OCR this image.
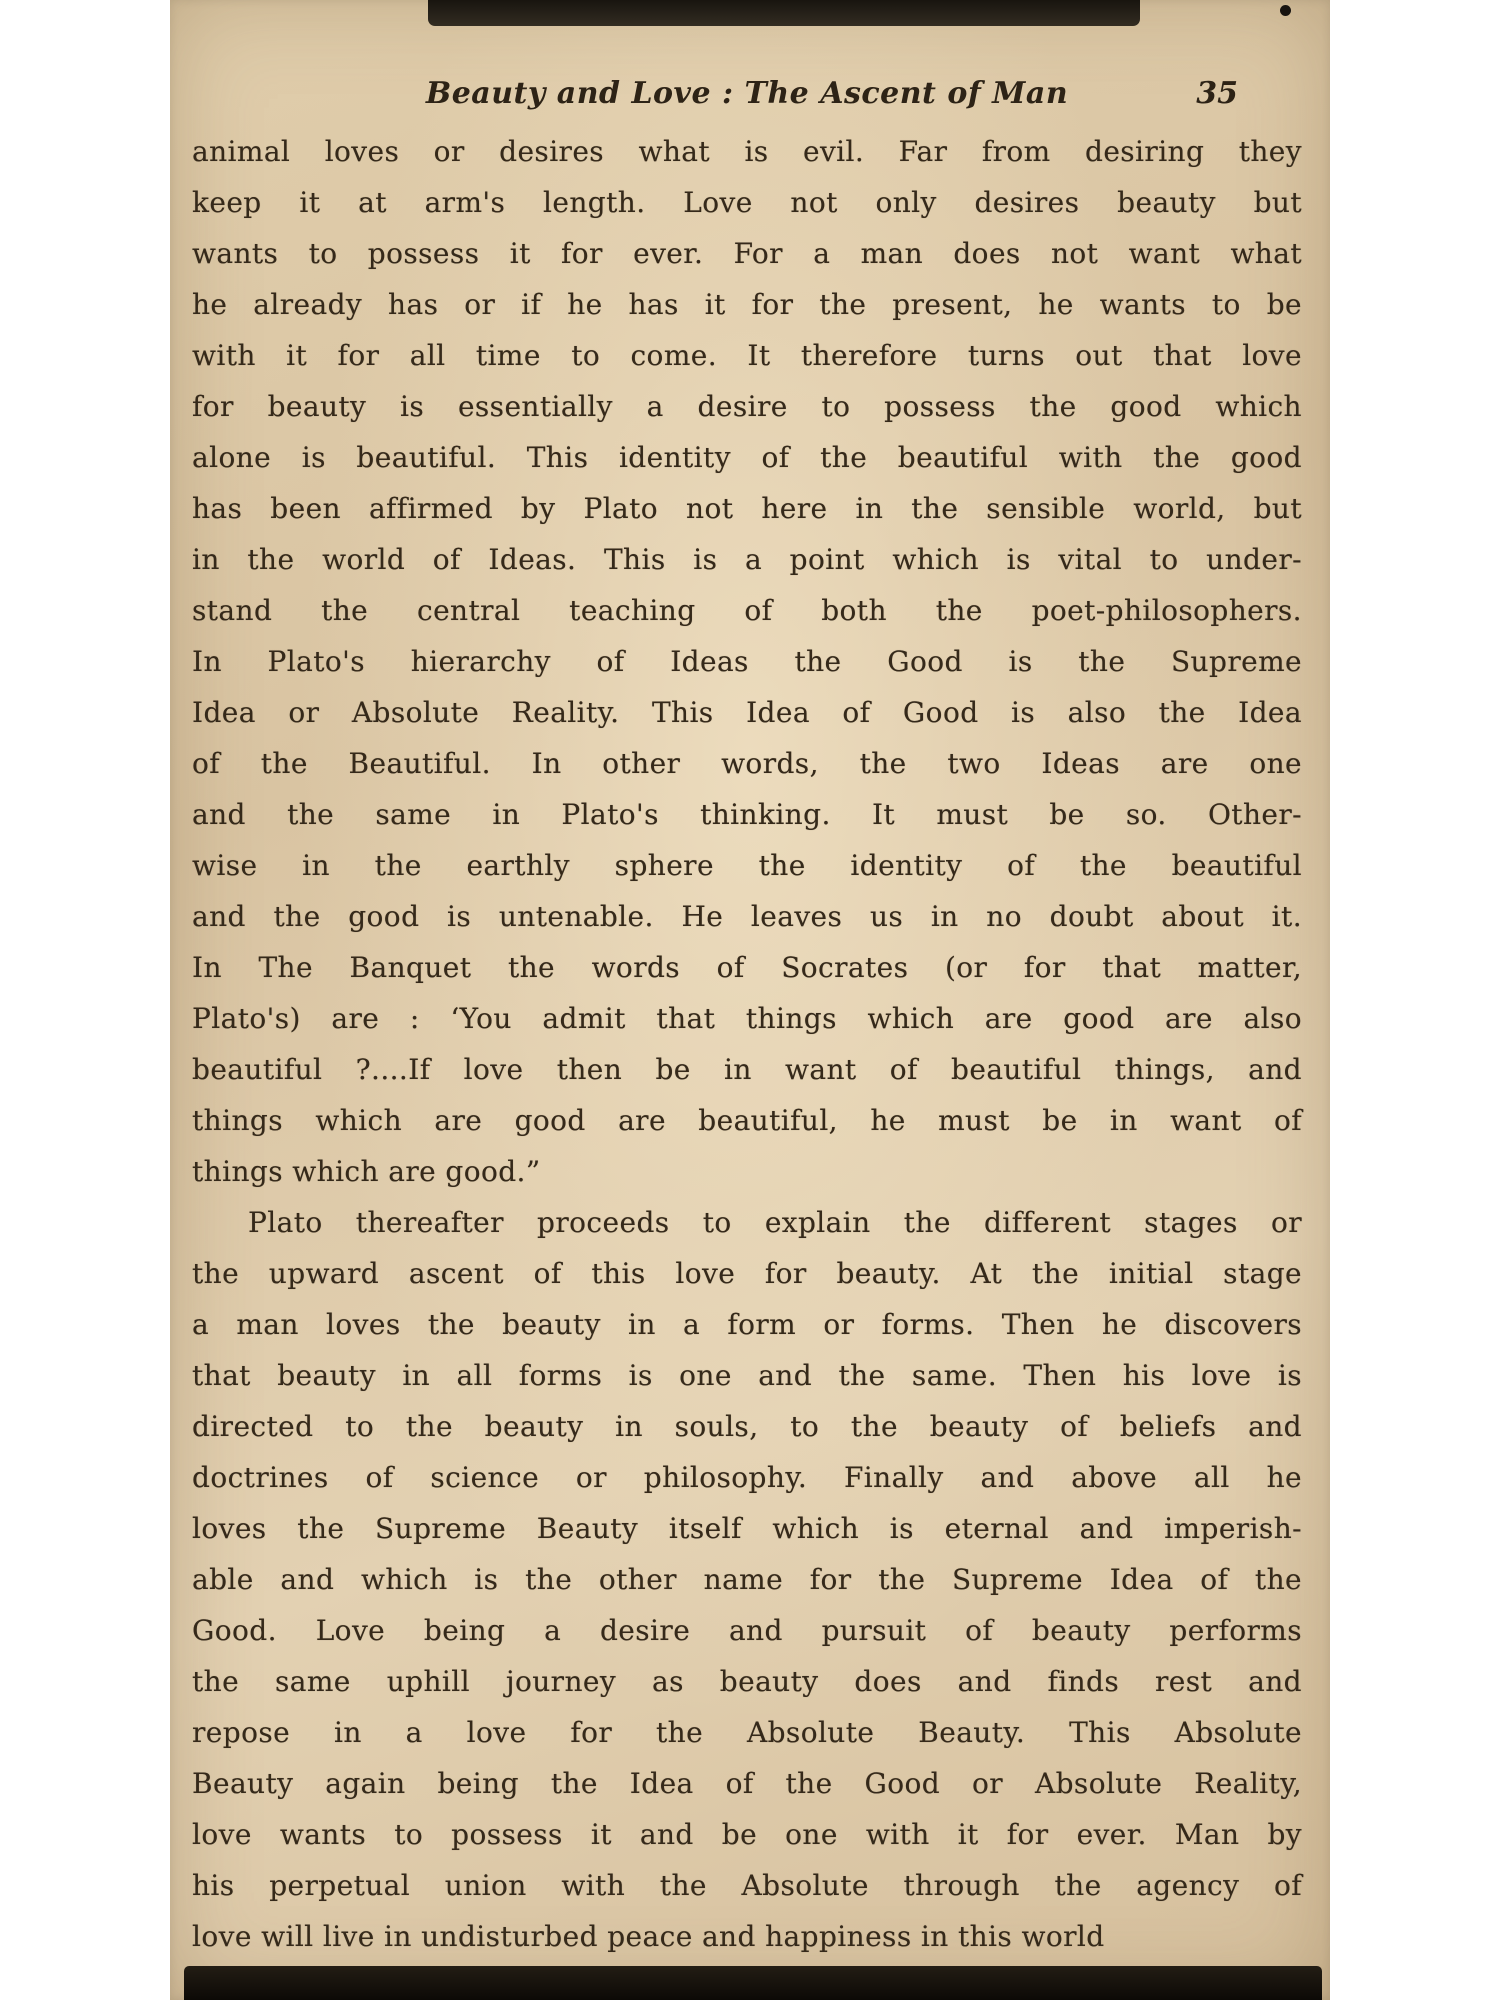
Beauty and Love : The Ascent of Man	35
animal loves or desires what is evil. Far from desiring they
keep it at arm's length. Love not only desires beauty but
wants to possess it for ever. For a man does not want what
he already has or if he has it for the present, he wants to be
with it for all time to come. It therefore turns out that love
for beauty is essentially a desire to possess the good which
alone is beautiful. This identity of the beautiful with the good
has been affirmed by Plato not here in the sensible world, but
in the world of Ideas. This is a point which is vital to under-
stand the central teaching of both the poet-philosophers.
In Plato's hierarchy of Ideas the Good is the Supreme
Idea or Absolute Reality. This Idea of Good is also the Idea
of the Beautiful. In other words, the two Ideas are one
and the same in Plato's thinking. It must be so. Other-
wise in the earthly sphere the identity of the beautiful
and the good is untenable. He leaves us in no doubt about it.
In The Banquet the words of Socrates (or for that matter,
Plato's) are : ‘You admit that things which are good are also
beautiful ?....If love then be in want of beautiful things, and
things which are good are beautiful, he must be in want of
things which are good.”
Plato thereafter proceeds to explain the different stages or
the upward ascent of this love for beauty. At the initial stage
a man loves the beauty in a form or forms. Then he discovers
that beauty in all forms is one and the same. Then his love is
directed to the beauty in souls, to the beauty of beliefs and
doctrines of science or philosophy. Finally and above all he
loves the Supreme Beauty itself which is eternal and imperish-
able and which is the other name for the Supreme Idea of the
Good. Love being a desire and pursuit of beauty performs
the same uphill journey as beauty does and finds rest and
repose in a love for the Absolute Beauty. This Absolute
Beauty again being the Idea of the Good or Absolute Reality,
love wants to possess it and be one with it for ever. Man by
his perpetual union with the Absolute through the agency of
love will live in undisturbed peace and happiness in this world
